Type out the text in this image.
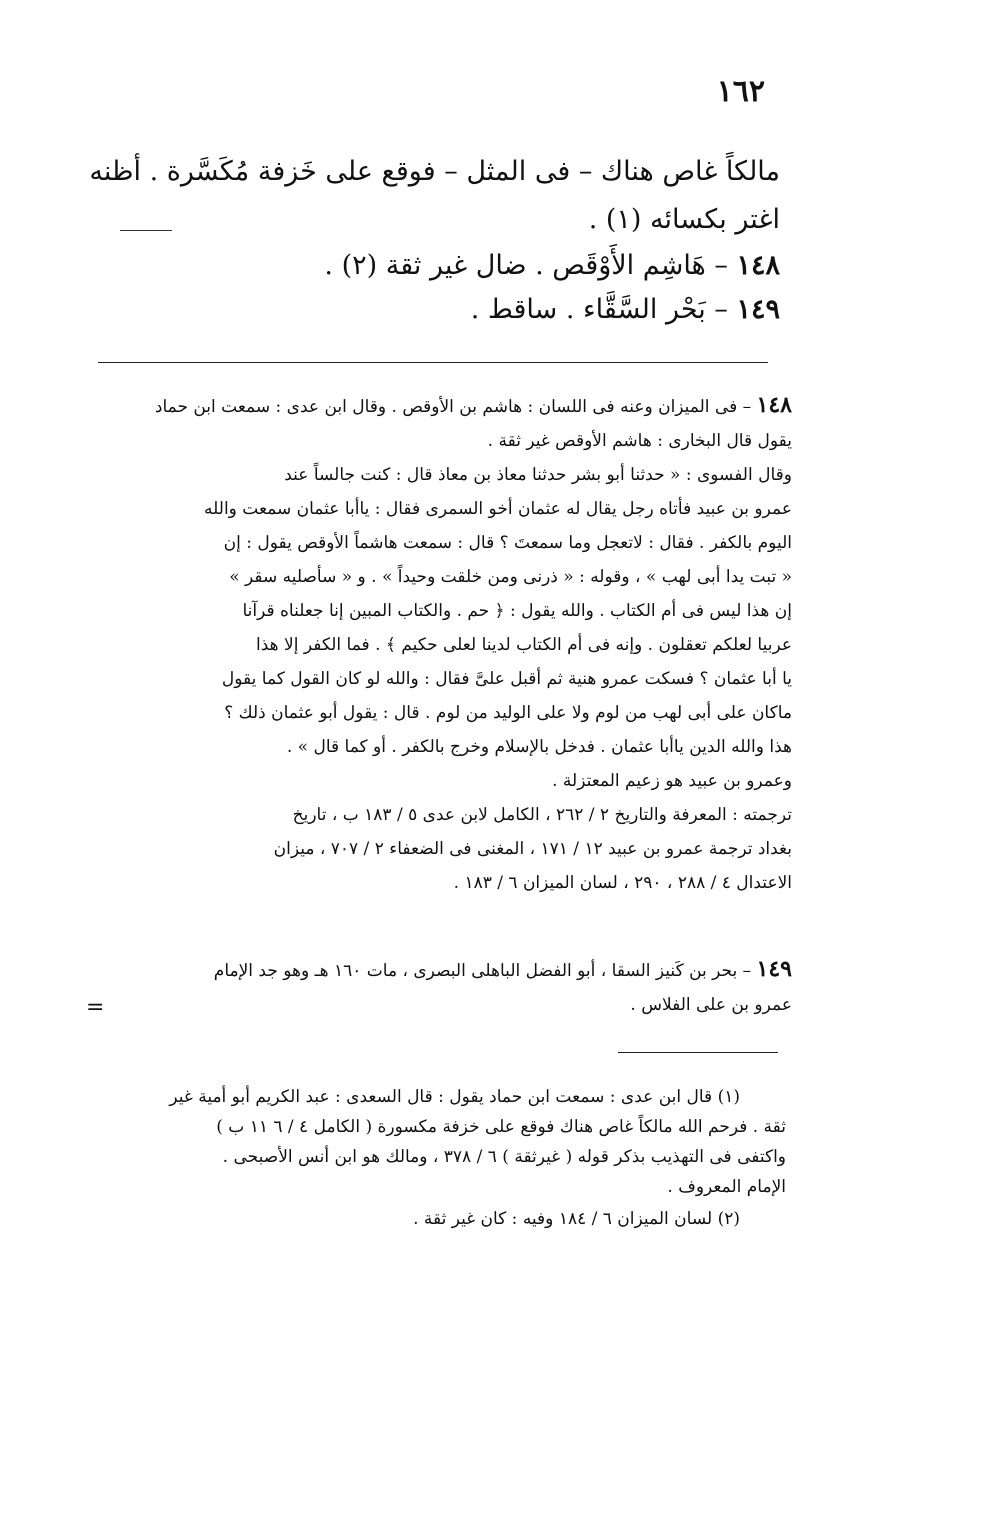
١٦٢
مالكاً غاص هناك – فى المثل – فوقع على خَزفة مُكَسَّرة . أظنه
اغتر بكسائه (١) .
١٤٨ – هَاشِم الأَوْقَص . ضال غير ثقة (٢) .
١٤٩ – بَحْر السَّقَّاء . ساقط .
١٤٨ – فى الميزان وعنه فى اللسان : هاشم بن الأوقص . وقال ابن عدى : سمعت ابن حماد
يقول قال البخارى : هاشم الأوقص غير ثقة .
وقال الفسوى : « حدثنا أبو بشر حدثنا معاذ بن معاذ قال : كنت جالساً عند
عمرو بن عبيد فأتاه رجل يقال له عثمان أخو السمرى فقال : ياأبا عثمان سمعت والله
اليوم بالكفر . فقال : لاتعجل وما سمعتَ ؟ قال : سمعت هاشماً الأوقص يقول : إن
« تبت يدا أبى لهب » ، وقوله : « ذرنى ومن خلقت وحيداً » . و « سأصليه سقر »
إن هذا ليس فى أم الكتاب . والله يقول : ﴿ حم . والكتاب المبين إنا جعلناه قرآنا
عربيا لعلكم تعقلون . وإنه فى أم الكتاب لدينا لعلى حكيم ﴾ . فما الكفر إلا هذا
يا أبا عثمان ؟ فسكت عمرو هنية ثم أقبل علىَّ فقال : والله لو كان القول كما يقول
ماكان على أبى لهب من لوم ولا على الوليد من لوم . قال : يقول أبو عثمان ذلك ؟
هذا والله الدين ياأبا عثمان . فدخل بالإسلام وخرج بالكفر . أو كما قال » .
وعمرو بن عبيد هو زعيم المعتزلة .
ترجمته : المعرفة والتاريخ ٢ / ٢٦٢ ، الكامل لابن عدى ٥ / ١٨٣ ب ، تاريخ
بغداد ترجمة عمرو بن عبيد ١٢ / ١٧١ ، المغنى فى الضعفاء ٢ / ٧٠٧ ، ميزان
الاعتدال ٤ / ٢٨٨ ، ٢٩٠ ، لسان الميزان ٦ / ١٨٣ .
١٤٩ – بحر بن كَنيز السقا ، أبو الفضل الباهلى البصرى ، مات ١٦٠ هـ وهو جد الإمام
عمرو بن على الفلاس .
=
(١) قال ابن عدى : سمعت ابن حماد يقول : قال السعدى : عبد الكريم أبو أمية غير
ثقة . فرحم الله مالكاً غاص هناك فوقع على خزفة مكسورة ( الكامل ٤ / ٦ ١١ ب )
واكتفى فى التهذيب بذكر قوله ( غيرثقة ) ٦ / ٣٧٨ ، ومالك هو ابن أنس الأصبحى .
الإمام المعروف .
(٢) لسان الميزان ٦ / ١٨٤ وفيه : كان غير ثقة .
